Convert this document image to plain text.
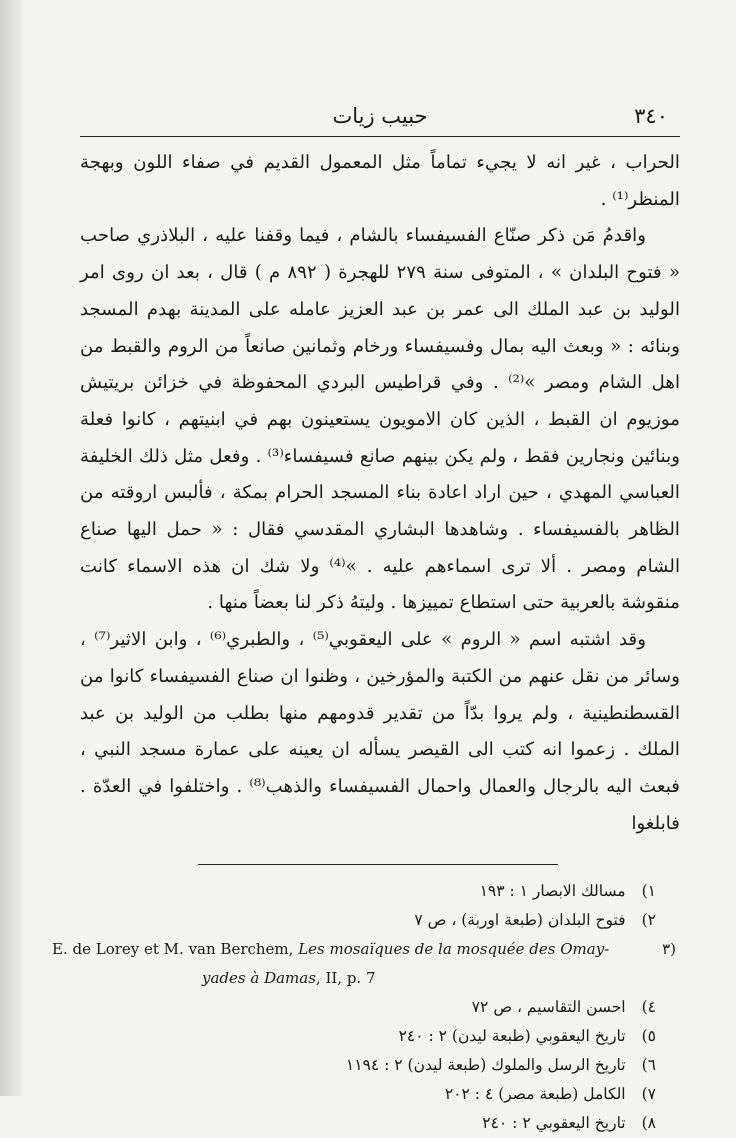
٣٤٠
حبيب زيات

الحراب ، غير انه لا يجيء تماماً مثل المعمول القديم في صفاء اللون وبهجة المنظر⁽¹⁾ .

واقدمُ مَن ذكر صنّاع الفسيفساء بالشام ، فيما وقفنا عليه ، البلاذري صاحب « فتوح البلدان » ، المتوفى سنة ٢٧٩ للهجرة ( ٨٩٢ م ) قال ، بعد ان روى امر الوليد بن عبد الملك الى عمر بن عبد العزيز عامله على المدينة بهدم المسجد وبنائه : « وبعث اليه بمال وفسيفساء ورخام وثمانين صانعاً من الروم والقبط من اهل الشام ومصر »⁽²⁾ . وفي قراطيس البردي المحفوظة في خزائن بريتيش موزيوم ان القبط ، الذين كان الامويون يستعينون بهم في ابنيتهم ، كانوا فعلة وبنائين ونجارين فقط ، ولم يكن بينهم صانع فسيفساء⁽³⁾ . وفعل مثل ذلك الخليفة العباسي المهدي ، حين اراد اعادة بناء المسجد الحرام بمكة ، فألبس اروقته من الظاهر بالفسيفساء . وشاهدها البشاري المقدسي فقال : « حمل اليها صناع الشام ومصر . ألا ترى اسماءهم عليه . »⁽⁴⁾ ولا شك ان هذه الاسماء كانت منقوشة بالعربية حتى استطاع تمييزها . وليتهُ ذكر لنا بعضاً منها .

وقد اشتبه اسم « الروم » على اليعقوبي⁽⁵⁾ ، والطبري⁽⁶⁾ ، وابن الاثير⁽⁷⁾ ، وسائر من نقل عنهم من الكتبة والمؤرخين ، وظنوا ان صناع الفسيفساء كانوا من القسطنطينية ، ولم يروا بدّاً من تقدير قدومهم منها بطلب من الوليد بن عبد الملك . زعموا انه كتب الى القيصر يسأله ان يعينه على عمارة مسجد النبي ، فبعث اليه بالرجال والعمال واحمال الفسيفساء والذهب⁽⁸⁾ . واختلفوا في العدّة . فابلغوا

١)مسالك الابصار ١ : ١٩٣
٢)فتوح البلدان (طبعة اوربة) ، ص ٧
٣)
E. de Lorey et M. van Berchem, Les mosaïques de la mosquée des Omay-
yades à Damas, II, p. 7
٤)احسن التقاسيم ، ص ٧٢
٥)تاريخ اليعقوبي (طبعة ليدن) ٢ : ٢٤٠
٦)تاريخ الرسل والملوك (طبعة ليدن) ٢ : ١١٩٤
٧)الكامل (طبعة مصر) ٤ : ٢٠٢
٨)تاريخ اليعقوبي ٢ : ٢٤٠
